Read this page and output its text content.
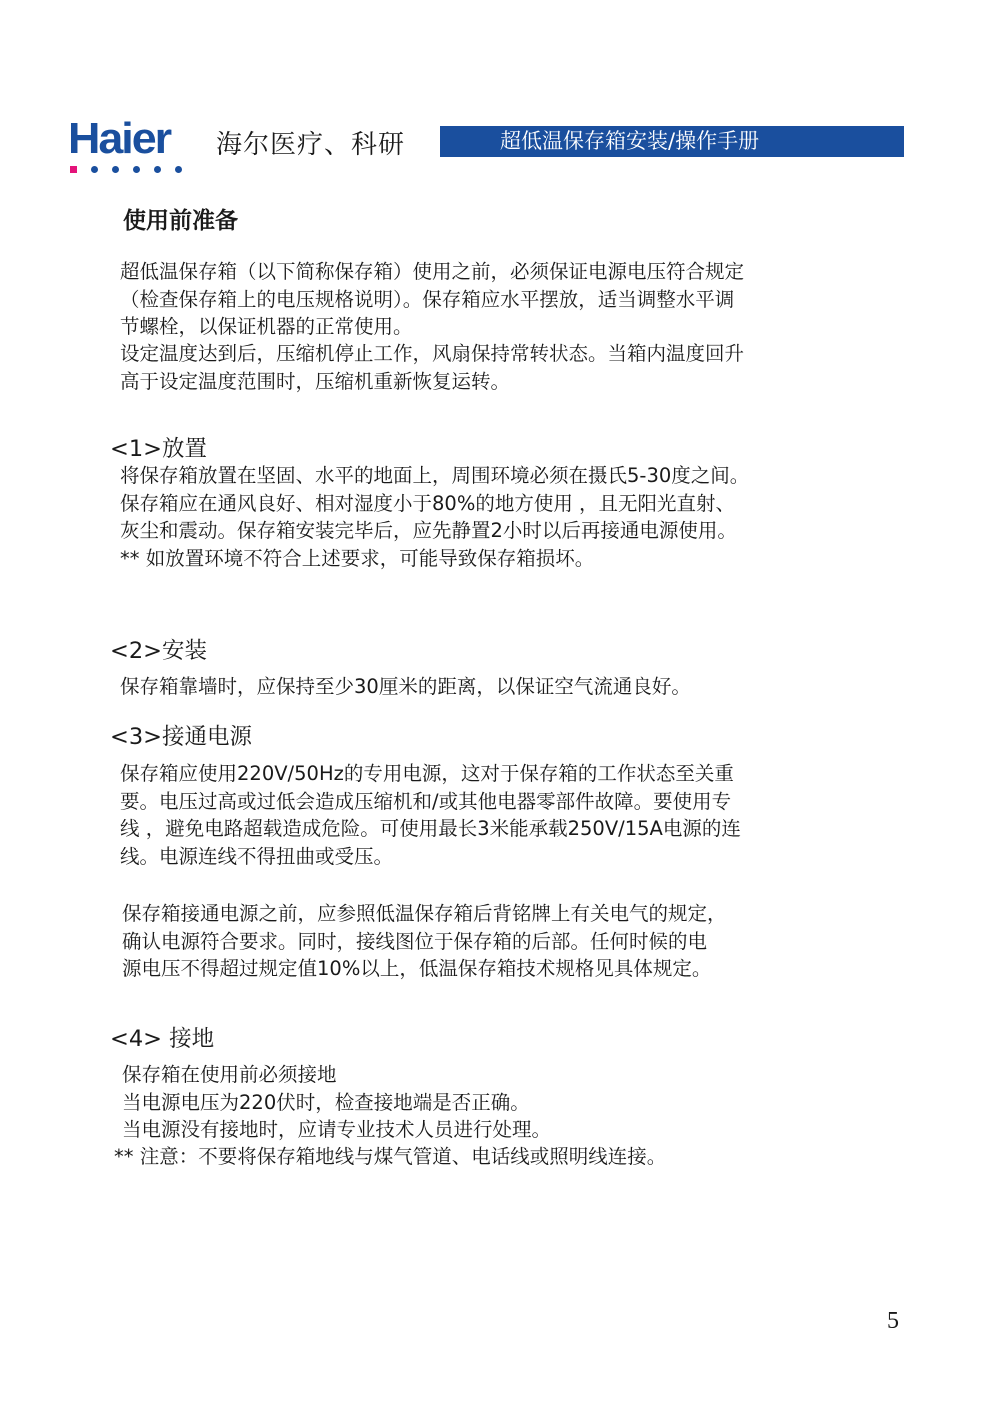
Haier 海尔医疗、科研	超低温保存箱安装/操作手册
使用前准备
超低温保存箱（以下简称保存箱）使用之前，必须保证电源电压符合规定
（检查保存箱上的电压规格说明）。保存箱应水平摆放，适当调整水平调
节螺栓，以保证机器的正常使用。
设定温度达到后，压缩机停止工作，风扇保持常转状态。当箱内温度回升
高于设定温度范围时，压缩机重新恢复运转。
<1>放置
将保存箱放置在坚固、水平的地面上，周围环境必须在摄氏5-30度之间。
保存箱应在通风良好、相对湿度小于80%的地方使用 ，且无阳光直射、
灰尘和震动。保存箱安装完毕后，应先静置2小时以后再接通电源使用。
** 如放置环境不符合上述要求，可能导致保存箱损坏。
<2>安装
保存箱靠墙时，应保持至少30厘米的距离，以保证空气流通良好。
<3>接通电源
保存箱应使用220V/50Hz的专用电源，这对于保存箱的工作状态至关重
要。电压过高或过低会造成压缩机和/或其他电器零部件故障。要使用专
线 ，避免电路超载造成危险。可使用最长3米能承载250V/15A电源的连
线。电源连线不得扭曲或受压。
保存箱接通电源之前，应参照低温保存箱后背铭牌上有关电气的规定，
确认电源符合要求。同时，接线图位于保存箱的后部。任何时候的电
源电压不得超过规定值10%以上，低温保存箱技术规格见具体规定。
<4> 接地
保存箱在使用前必须接地
当电源电压为220伏时，检查接地端是否正确。
当电源没有接地时，应请专业技术人员进行处理。
** 注意：不要将保存箱地线与煤气管道、电话线或照明线连接。
5
